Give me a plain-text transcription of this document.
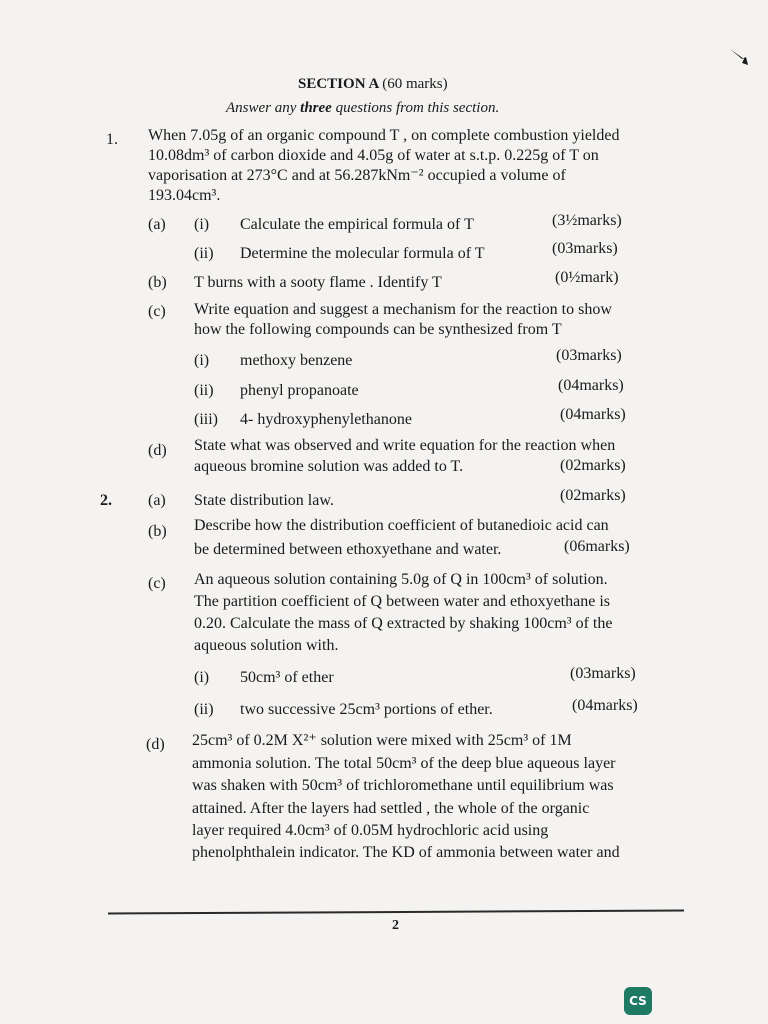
SECTION A (60 marks)
Answer any three questions from this section.
1. When 7.05g of an organic compound T , on complete combustion yielded
10.08dm³ of carbon dioxide and 4.05g of water at s.t.p. 0.225g of T on
vaporisation at 273°C and at 56.287kNm⁻² occupied a volume of
193.04cm³.
(a) (i) Calculate the empirical formula of T	(3½marks)
(ii) Determine the molecular formula of T	(03marks)
(b) T burns with a sooty flame . Identify T	(0½mark)
(c) Write equation and suggest a mechanism for the reaction to show
how the following compounds can be synthesized from T
(i) methoxy benzene	(03marks)
(ii) phenyl propanoate	(04marks)
(iii) 4- hydroxyphenylethanone	(04marks)
(d) State what was observed and write equation for the reaction when
aqueous bromine solution was added to T.	(02marks)
2. (a) State distribution law.	(02marks)
(b) Describe how the distribution coefficient of butanedioic acid can
be determined between ethoxyethane and water.	(06marks)
(c) An aqueous solution containing 5.0g of Q in 100cm³ of solution.
The partition coefficient of Q between water and ethoxyethane is
0.20. Calculate the mass of Q extracted by shaking 100cm³ of the
aqueous solution with.
(i) 50cm³ of ether	(03marks)
(ii) two successive 25cm³ portions of ether.	(04marks)
(d) 25cm³ of 0.2M X²⁺ solution were mixed with 25cm³ of 1M
ammonia solution. The total 50cm³ of the deep blue aqueous layer
was shaken with 50cm³ of trichloromethane until equilibrium was
attained. After the layers had settled , the whole of the organic
layer required 4.0cm³ of 0.05M hydrochloric acid using
phenolphthalein indicator. The KD of ammonia between water and
2
CS
